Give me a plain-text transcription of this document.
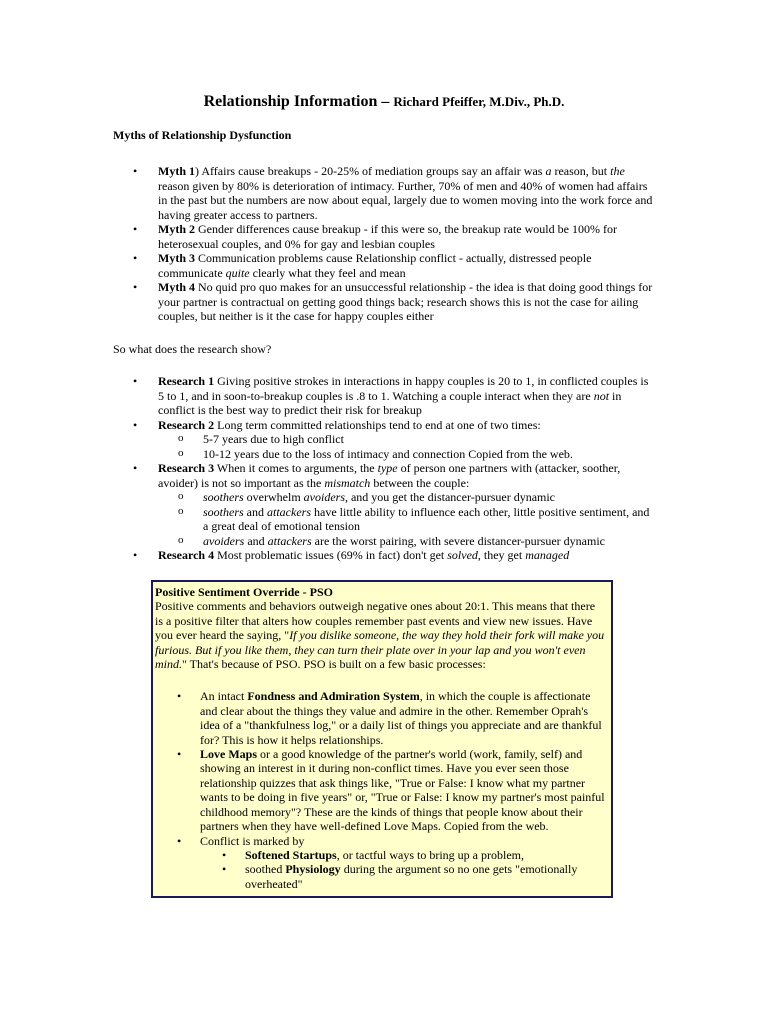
Relationship Information – Richard Pfeiffer, M.Div., Ph.D.
Myths of Relationship Dysfunction
• Myth 1) Affairs cause breakups - 20-25% of mediation groups say an affair was a reason, but the reason given by 80% is deterioration of intimacy. Further, 70% of men and 40% of women had affairs in the past but the numbers are now about equal, largely due to women moving into the work force and having greater access to partners.
• Myth 2 Gender differences cause breakup - if this were so, the breakup rate would be 100% for heterosexual couples, and 0% for gay and lesbian couples
• Myth 3 Communication problems cause Relationship conflict - actually, distressed people communicate quite clearly what they feel and mean
• Myth 4 No quid pro quo makes for an unsuccessful relationship - the idea is that doing good things for your partner is contractual on getting good things back; research shows this is not the case for ailing couples, but neither is it the case for happy couples either
So what does the research show?
• Research 1 Giving positive strokes in interactions in happy couples is 20 to 1, in conflicted couples is 5 to 1, and in soon-to-breakup couples is .8 to 1. Watching a couple interact when they are not in conflict is the best way to predict their risk for breakup
• Research 2 Long term committed relationships tend to end at one of two times:
o 5-7 years due to high conflict
o 10-12 years due to the loss of intimacy and connection Copied from the web.
• Research 3 When it comes to arguments, the type of person one partners with (attacker, soother, avoider) is not so important as the mismatch between the couple:
o soothers overwhelm avoiders, and you get the distancer-pursuer dynamic
o soothers and attackers have little ability to influence each other, little positive sentiment, and a great deal of emotional tension
o avoiders and attackers are the worst pairing, with severe distancer-pursuer dynamic
• Research 4 Most problematic issues (69% in fact) don't get solved, they get managed
Positive Sentiment Override - PSO
Positive comments and behaviors outweigh negative ones about 20:1. This means that there is a positive filter that alters how couples remember past events and view new issues. Have you ever heard the saying, "If you dislike someone, the way they hold their fork will make you furious. But if you like them, they can turn their plate over in your lap and you won't even mind." That's because of PSO. PSO is built on a few basic processes:
• An intact Fondness and Admiration System, in which the couple is affectionate and clear about the things they value and admire in the other. Remember Oprah's idea of a "thankfulness log," or a daily list of things you appreciate and are thankful for? This is how it helps relationships.
• Love Maps or a good knowledge of the partner's world (work, family, self) and showing an interest in it during non-conflict times. Have you ever seen those relationship quizzes that ask things like, "True or False: I know what my partner wants to be doing in five years" or, "True or False: I know my partner's most painful childhood memory"? These are the kinds of things that people know about their partners when they have well-defined Love Maps. Copied from the web.
• Conflict is marked by
• Softened Startups, or tactful ways to bring up a problem,
• soothed Physiology during the argument so no one gets "emotionally overheated"
